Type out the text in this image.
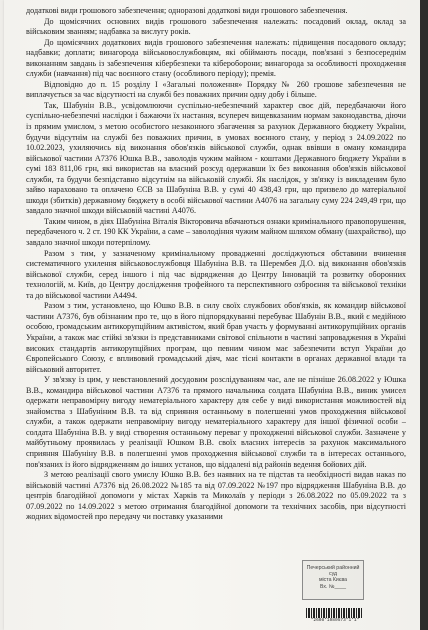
додаткові види грошового забезпечення; одноразові додаткові види грошового забезпечення.

До щомісячних основних видів грошового забезпечення належать: посадовий оклад, оклад за військовим званням; надбавка за вислугу років.

До щомісячних додаткових видів грошового забезпечення належать: підвищення посадового окладу; надбавки; доплати; винагорода військовослужбовцям, які обіймають посади, пов'язані з безпосереднім виконанням завдань із забезпечення кібербезпеки та кібероборони; винагорода за особливості проходження служби (навчання) під час воєнного стану (особливого періоду); премія.

Відповідно до п. 15 розділу I «Загальні положення» Порядку № 260 грошове забезпечення не виплачується за час відсутності на службі без поважних причин одну добу і більше.

Так, Шабунін В.В., усвідомлюючи суспільно-небезпечний характер своє дій, передбачаючи його суспільно-небезпечні наслідки і бажаючи їх настання, всупереч вищевказаним нормам законодавства, діючи із прямим умислом, з метою особистого незаконного збагачення за рахунок Державного бюджету України, будучи відсутнім на службі без поважних причин, в умовах воєнного стану, у період з 24.09.2022 по 10.02.2023, ухиляючись від виконання обов'язків військової служби, однак ввівши в оману командира військової частини А7376 Юшка В.В., заволодів чужим майном - коштами Державного бюджету України в сумі 183 811,06 грн, які використав на власний розсуд одержавши їх без виконання обов'язків військової служби, та будучи безпідставно відсутнім на військовій службі. Як наслідок, у зв'язку із викладеним було зайво нараховано та оплачено ЄСВ за Шабуніна В.В. у сумі 40 438,43 грн, що призвело до матеріальної шкоди (збитків) державному бюджету в особі військової частини А4076 на загальну суму 224 249,49 грн, що завдало значної шкоди військовій частині А4076.

Таким чином, в діях Шабуніна Віталія Вікторовича вбачаються ознаки кримінального правопорушення, передбаченого ч. 2 ст. 190 КК України, а саме – заволодіння чужим майном шляхом обману (шахрайство), що завдало значної шкоди потерпілому.

Разом з тим, у зазначеному кримінальному провадженні досліджуються обставини вчинення систематичного ухилення військовослужбовця Шабуніна В.В. та Шерембея Д.О. від виконання обов'язків військової служби, серед іншого і під час відрядження до Центру Інновацій та розвитку оборонних технологій, м. Київ, до Центру дослідження трофейного та перспективного озброєння та військової техніки та до військової частини А4494.

Разом з тим, установлено, що Юшко В.В. в силу своїх службових обов'язків, як командир військової частини А7376, був обізнаним про те, що в його підпорядкуванні перебуває Шабунін В.В., який є медійною особою, громадським антикорупційним активістом, який брав участь у формуванні антикорупційних органів України, а також має стійкі зв'язки із представниками світової спільноти в частині запровадження в Україні високих стандартів антикорупційних програм, що певним чином має забезпечити вступ України до Європейського Союзу, є впливовий громадський діяч, має тісні контакти в органах державної влади та військовий авторитет.

У зв'язку із цим, у невстановлений досудовим розслідуванням час, але не пізніше 26.08.2022 у Юшка В.В., командира військової частини А7376 та прямого начальника солдата Шабуніна В.В., виник умисел одержати неправомірну вигоду нематеріального характеру для себе у виді використання можливостей від знайомства з Шабуніним В.В. та від сприяння останньому в полегшенні умов проходження військової служби, а також одержати неправомірну вигоду нематеріального характеру для іншої фізичної особи – солдата Шабуніна В.В. у виді створення останньому переваг у проходженні військової служби. Зазначене у майбутньому проявилась у реалізації Юшком В.В. своїх власних інтересів за рахунок максимального сприяння Шабуніну В.В. в полегшенні умов проходження військової служби та в інтересах останнього, пов'язаних із його відрядженням до інших установ, що віддалені від районів ведення бойових дій.

З метою реалізації свого умислу Юшко В.В. без наявних на те підстав та необхідності видав наказ по військовій частині А7376 від 26.08.2022 №185 та від 07.09.2022 №197 про відрядження Шабуніна В.В. до центрів благодійної допомоги у містах Харків та Миколаїв у періоди з 26.08.2022 по 05.09.2022 та з 07.09.2022 по 14.09.2022 з метою отримання благодійної допомоги та технічних засобів, при відсутності жодних відомостей про передачу чи поставку указаними

Печерський районний суд
міста Києва
Вх. №____
*2608*1080573*1*1*
